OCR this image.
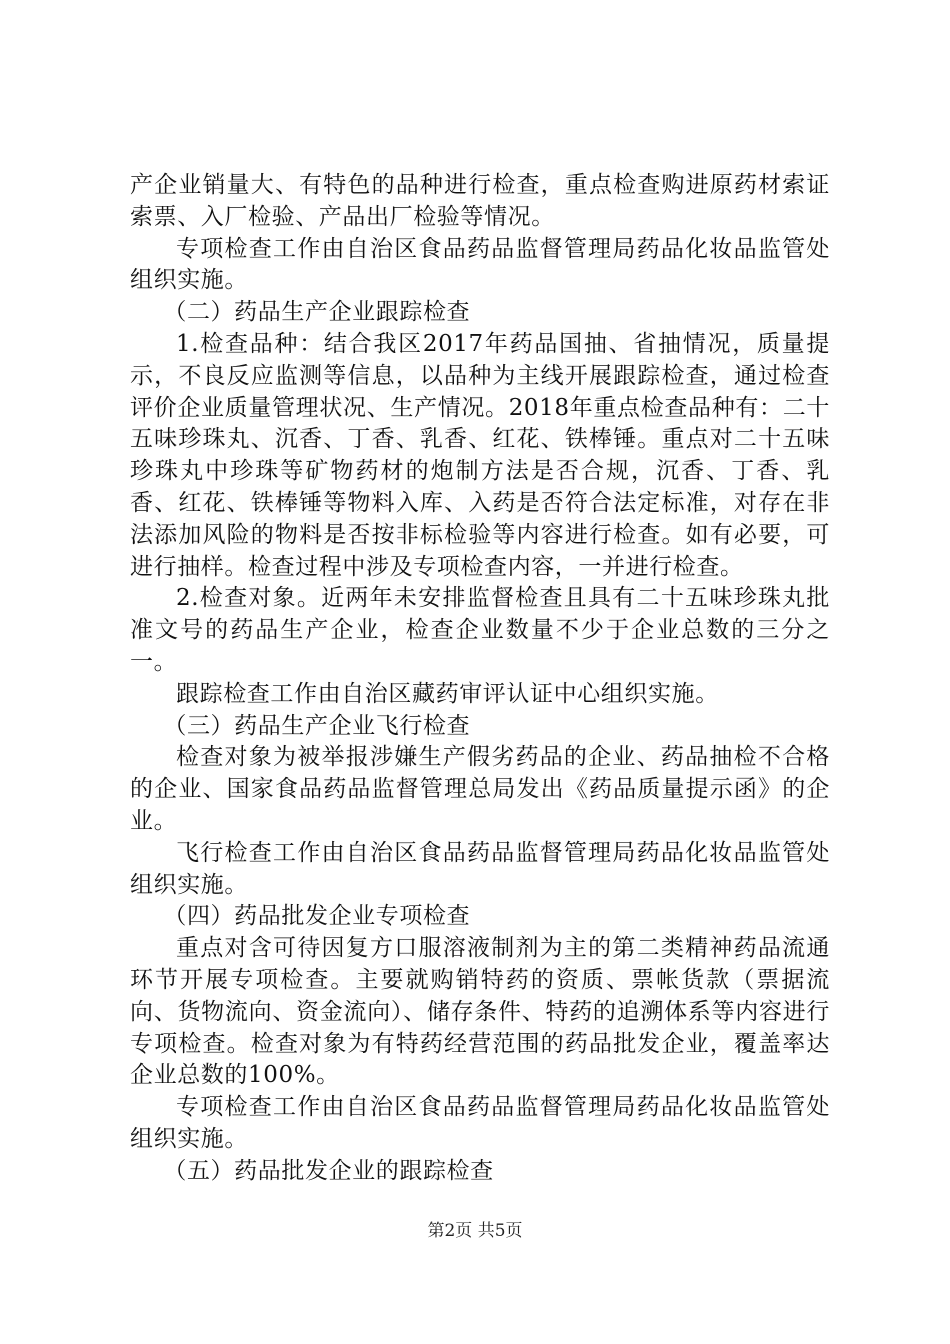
产企业销量大、有特色的品种进行检查，重点检查购进原药材索证索票、入厂检验、产品出厂检验等情况。

专项检查工作由自治区食品药品监督管理局药品化妆品监管处组织实施。

（二）药品生产企业跟踪检查

1.检查品种：结合我区2017年药品国抽、省抽情况，质量提示，不良反应监测等信息，以品种为主线开展跟踪检查，通过检查评价企业质量管理状况、生产情况。2018年重点检查品种有：二十五味珍珠丸、沉香、丁香、乳香、红花、铁棒锤。重点对二十五味珍珠丸中珍珠等矿物药材的炮制方法是否合规，沉香、丁香、乳香、红花、铁棒锤等物料入库、入药是否符合法定标准，对存在非法添加风险的物料是否按非标检验等内容进行检查。如有必要，可进行抽样。检查过程中涉及专项检查内容，一并进行检查。

2.检查对象。近两年未安排监督检查且具有二十五味珍珠丸批准文号的药品生产企业，检查企业数量不少于企业总数的三分之一。

跟踪检查工作由自治区藏药审评认证中心组织实施。

（三）药品生产企业飞行检查

检查对象为被举报涉嫌生产假劣药品的企业、药品抽检不合格的企业、国家食品药品监督管理总局发出《药品质量提示函》的企业。

飞行检查工作由自治区食品药品监督管理局药品化妆品监管处组织实施。

（四）药品批发企业专项检查

重点对含可待因复方口服溶液制剂为主的第二类精神药品流通环节开展专项检查。主要就购销特药的资质、票帐货款（票据流向、货物流向、资金流向）、储存条件、特药的追溯体系等内容进行专项检查。检查对象为有特药经营范围的药品批发企业，覆盖率达企业总数的100%。

专项检查工作由自治区食品药品监督管理局药品化妆品监管处组织实施。

（五）药品批发企业的跟踪检查

第2页 共5页
